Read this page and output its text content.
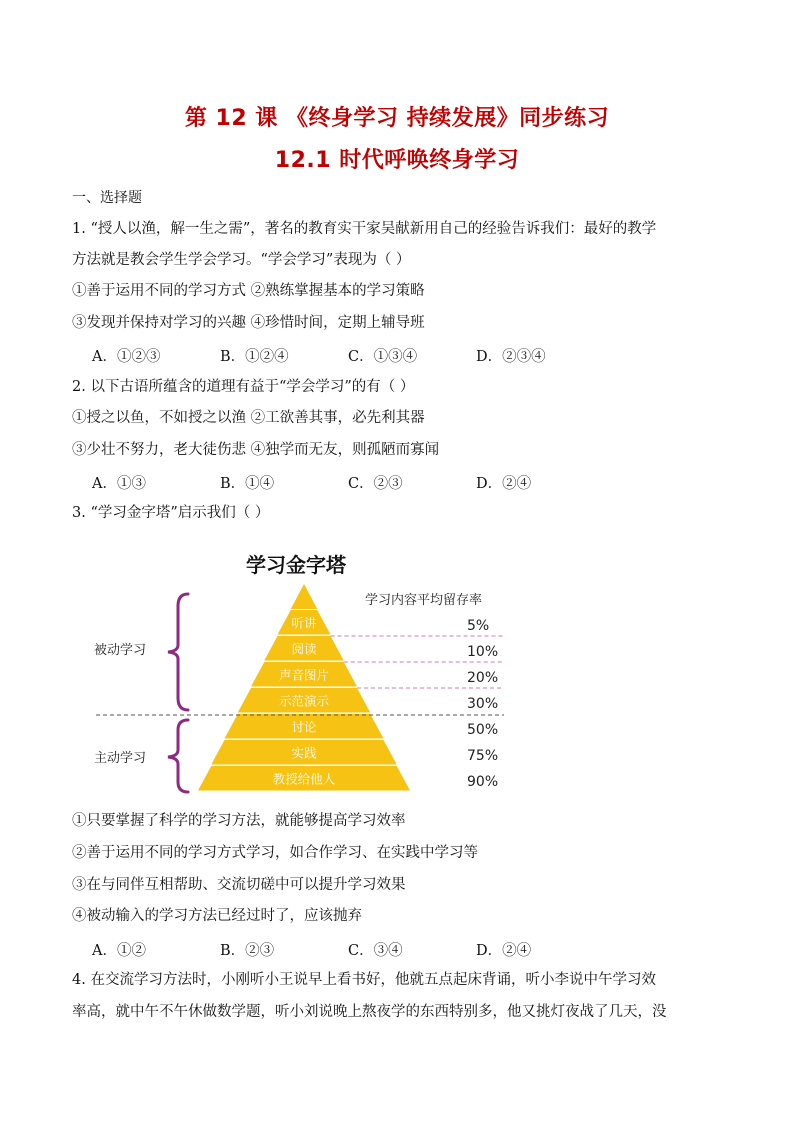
第 12 课 《终身学习 持续发展》同步练习
12.1 时代呼唤终身学习
一、选择题
1. “授人以渔，解一生之需”，著名的教育实干家吴献新用自己的经验告诉我们：最好的教学
方法就是教会学生学会学习。“学会学习”表现为（ ）
①善于运用不同的学习方式 ②熟练掌握基本的学习策略
③发现并保持对学习的兴趣 ④珍惜时间，定期上辅导班
A．①②③	B．①②④	C．①③④	D．②③④
2. 以下古语所蕴含的道理有益于“学会学习”的有（ ）
①授之以鱼，不如授之以渔 ②工欲善其事，必先利其器
③少壮不努力，老大徒伤悲 ④独学而无友，则孤陋而寡闻
A．①③	B．①④	C．②③	D．②④
3. “学习金字塔”启示我们（ ）
学习金字塔
学习内容平均留存率
被动学习
主动学习
听讲
阅读
声音图片
示范演示
讨论
实践
教授给他人
5%
10%
20%
30%
50%
75%
90%
①只要掌握了科学的学习方法，就能够提高学习效率
②善于运用不同的学习方式学习，如合作学习、在实践中学习等
③在与同伴互相帮助、交流切磋中可以提升学习效果
④被动输入的学习方法已经过时了，应该抛弃
A．①②	B．②③	C．③④	D．②④
4. 在交流学习方法时，小刚听小王说早上看书好，他就五点起床背诵，听小李说中午学习效
率高，就中午不午休做数学题，听小刘说晚上熬夜学的东西特别多，他又挑灯夜战了几天，没
